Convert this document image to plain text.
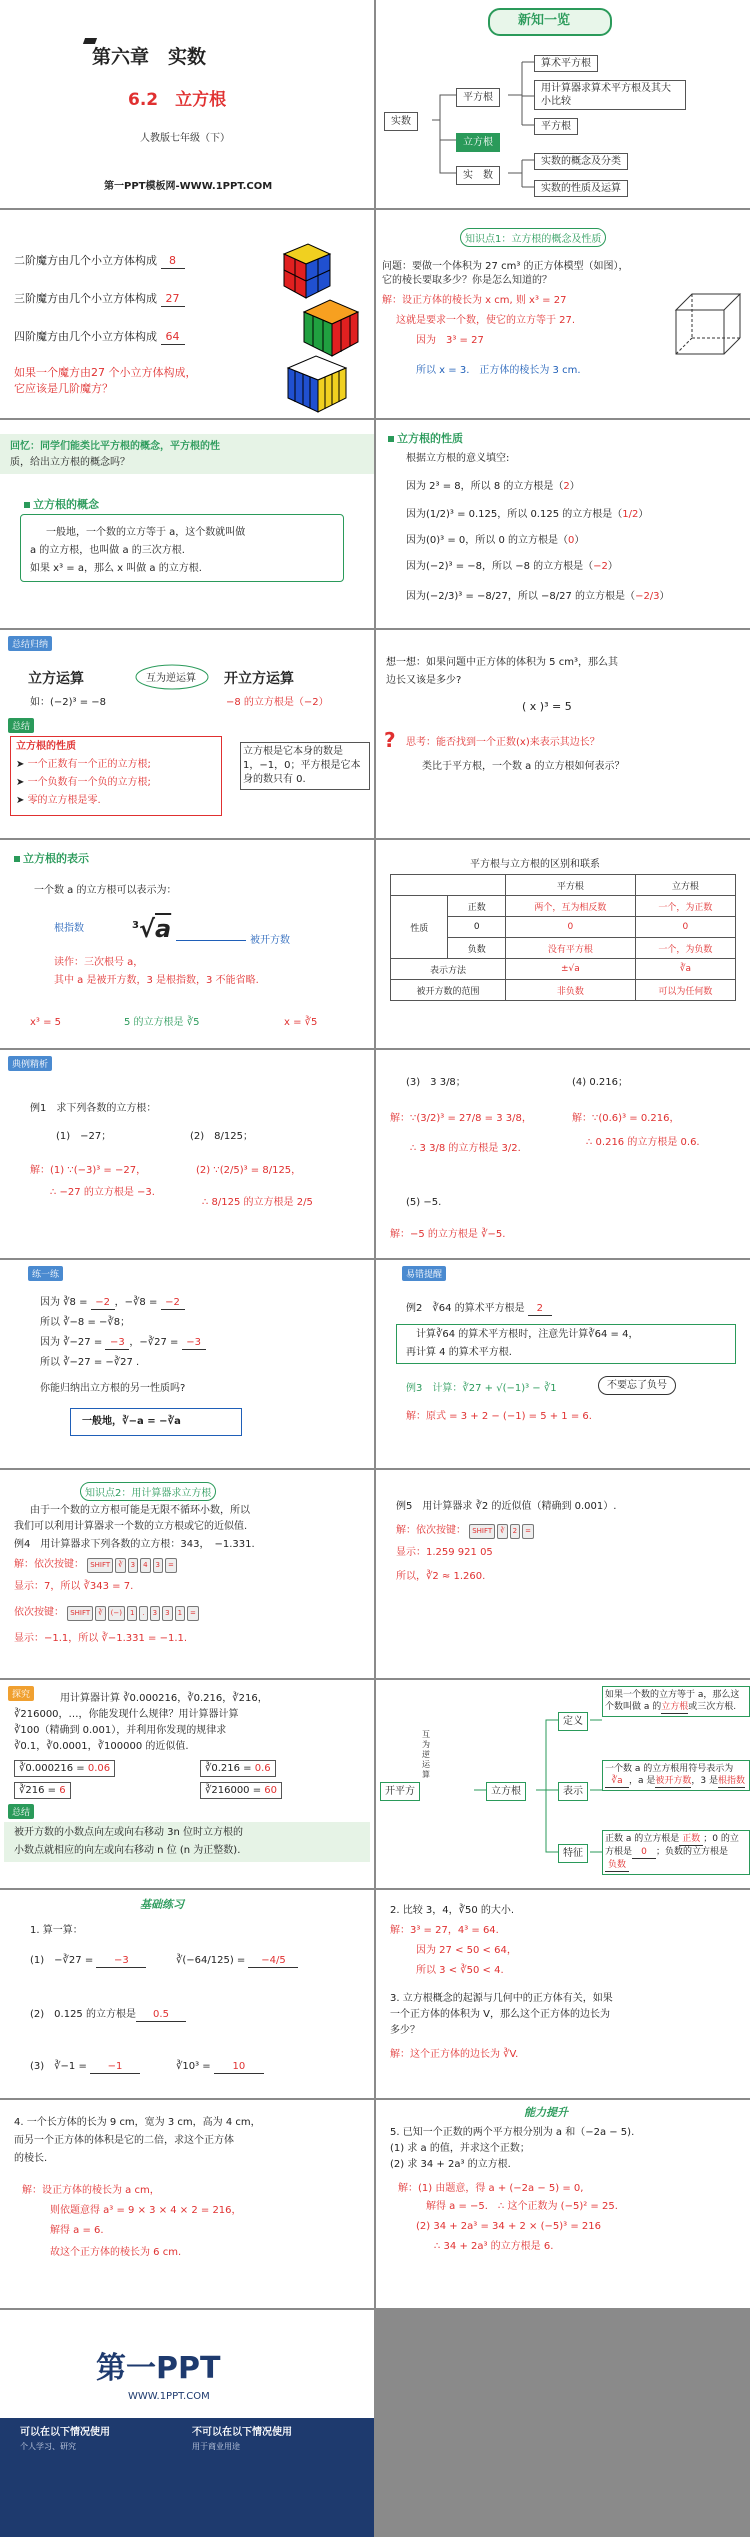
第六章　实数
6.2　立方根
人教版七年级（下）
第一PPT模板网-WWW.1PPT.COM
新知一览
实数
平方根
立方根
实　数
算术平方根
用计算器求算术平方根及其大小比较
平方根
实数的概念及分类
实数的性质及运算
二阶魔方由几个小立方体构成 8
三阶魔方由几个小立方体构成 27
四阶魔方由几个小立方体构成 64
如果一个魔方由27 个小立方体构成，
它应该是几阶魔方？
知识点1：立方根的概念及性质
问题：要做一个体积为 27 cm³ 的正方体模型（如图），
它的棱长要取多少？你是怎么知道的？
解：设正方体的棱长为 x cm, 则 x³ = 27
这就是要求一个数，使它的立方等于 27.
因为　3³ = 27
所以 x = 3.　正方体的棱长为 3 cm.
回忆：同学们能类比平方根的概念，平方根的性
质，给出立方根的概念吗？
立方根的概念
一般地，一个数的立方等于 a，这个数就叫做
a 的立方根，也叫做 a 的三次方根.
如果 x³ = a，那么 x 叫做 a 的立方根.
立方根的性质
根据立方根的意义填空:
因为 2³ = 8，所以 8 的立方根是（2）
因为(1/2)³ = 0.125，所以 0.125 的立方根是（1/2）
因为(0)³ = 0，所以 0 的立方根是（0）
因为(−2)³ = −8，所以 −8 的立方根是（−2）
因为(−2/3)³ = −8/27，所以 −8/27 的立方根是（−2/3）
总结归纳
立方运算	互为逆运算 开立方运算
如：(−2)³ = −8	−8 的立方根是（−2）
总结
立方根的性质
➤ 一个正数有一个正的立方根;
➤ 一个负数有一个负的立方根;
➤ 零的立方根是零.
立方根是它本身的数是 1，−1，0；平方根是它本身的数只有 0.
想一想：如果问题中正方体的体积为 5 cm³，那么其
边长又该是多少?
( x )³ = 5
? 思考：能否找到一个正数(x)来表示其边长？
类比于平方根，一个数 a 的立方根如何表示？
立方根的表示
一个数 a 的立方根可以表示为：
根指数	$^3$√a	被开方数
读作：三次根号 a，
其中 a 是被开方数，3 是根指数，3 不能省略.
x³ = 5	5 的立方根是 ∛5	x = ∛5
平方根与立方根的区别和联系
		平方根	立方根
性质	正数	两个，互为相反数	一个，为正数
	0	0	0
	负数	没有平方根	一个，为负数
表示方法		±√a	∛a
被开方数的范围		非负数	可以为任何数
典例精析
例1　求下列各数的立方根：
(1)　−27；	(2)　8/125；
解：(1) ∵(−3)³ = −27，
∴ −27 的立方根是 −3.
(2) ∵(2/5)³ = 8/125，
∴ 8/125 的立方根是 2/5
(3)　3 3/8；	(4) 0.216；
解：∵(3/2)³ = 27/8 = 3 3/8，
∴ 3 3/8 的立方根是 3/2.
解：∵(0.6)³ = 0.216，
∴ 0.216 的立方根是 0.6.
(5) −5.
解：−5 的立方根是 ∛−5.
练一练
因为 ∛8 = −2 ，−∛8 = −2
所以 ∛−8 = −∛8；
因为 ∛−27 = −3 ，−∛27 = −3
所以 ∛−27 = −∛27 .
你能归纳出立方根的另一性质吗?
一般地，∛−a = −∛a
易错提醒
例2　∛64 的算术平方根是 2
计算∛64 的算术平方根时，注意先计算∛64 = 4，
再计算 4 的算术平方根.
例3　计算：∛27 + √(−1)³ − ∛1	不要忘了负号
解：原式 = 3 + 2 − (−1) = 5 + 1 = 6.
知识点2：用计算器求立方根
由于一个数的立方根可能是无限不循环小数，所以
我们可以利用计算器求一个数的立方根或它的近似值.
例4　用计算器求下列各数的立方根：343，　−1.331.
解：依次按键： SHIFT ∛ 3 4 3 =
显示：7，所以 ∛343 = 7.
依次按键： SHIFT ∛ (−) 1 . 3 3 1 =
显示：−1.1，所以 ∛−1.331 = −1.1.
例5　用计算器求 ∛2 的近似值（精确到 0.001）.
解：依次按键： SHIFT ∛ 2 =
显示：1.259 921 05
所以，∛2 ≈ 1.260.
探究	用计算器计算 ∛0.000216，∛0.216，∛216，
∛216000，…，你能发现什么规律？用计算器计算
∛100（精确到 0.001），并利用你发现的规律求
∛0.1，∛0.0001，∛100000 的近似值.
∛0.000216 = 0.06	∛0.216 = 0.6
∛216 = 6	∛216000 = 60
总结
被开方数的小数点向左或向右移动 3n 位时立方根的
小数点就相应的向左或向右移动 n 位 (n 为正整数).
开平方
互为逆运算
立方根
定义
表示
特征
如果一个数的立方等于 a，那么这个数叫做 a 的立方根或三次方根.
一个数 a 的立方根用符号表示为∛a ，a 是被开方数，3 是根指数
正数 a 的立方根是 正数 ；0 的立方根是 0 ；负数的立方根是负数
基础练习
1. 算一算：
(1)　−∛27 = −3	∛(−64/125) = −4/5
(2)　0.125 的立方根是 0.5
(3)　∛−1 = −1	∛10³ = 10
2. 比较 3，4，∛50 的大小.
解：3³ = 27，4³ = 64.
因为 27 < 50 < 64，
所以 3 < ∛50 < 4.
3. 立方根概念的起源与几何中的正方体有关，如果
一个正方体的体积为 V，那么这个正方体的边长为
多少？
解：这个正方体的边长为 ∛V.
4. 一个长方体的长为 9 cm，宽为 3 cm，高为 4 cm，
而另一个正方体的体积是它的二倍，求这个正方体
的棱长.
解：设正方体的棱长为 a cm，
则依题意得 a³ = 9 × 3 × 4 × 2 = 216，
解得 a = 6.
故这个正方体的棱长为 6 cm.
能力提升
5. 已知一个正数的两个平方根分别为 a 和（−2a − 5).
(1) 求 a 的值，并求这个正数；
(2) 求 34 + 2a³ 的立方根.
解：(1) 由题意，得 a + (−2a − 5) = 0,
解得 a = −5.　∴ 这个正数为 (−5)² = 25.
(2) 34 + 2a³ = 34 + 2 × (−5)³ = 216
∴ 34 + 2a³ 的立方根是 6.
第一PPT
WWW.1PPT.COM
可以在以下情况使用
个人学习、研究
不可以在以下情况使用
用于商业用途
